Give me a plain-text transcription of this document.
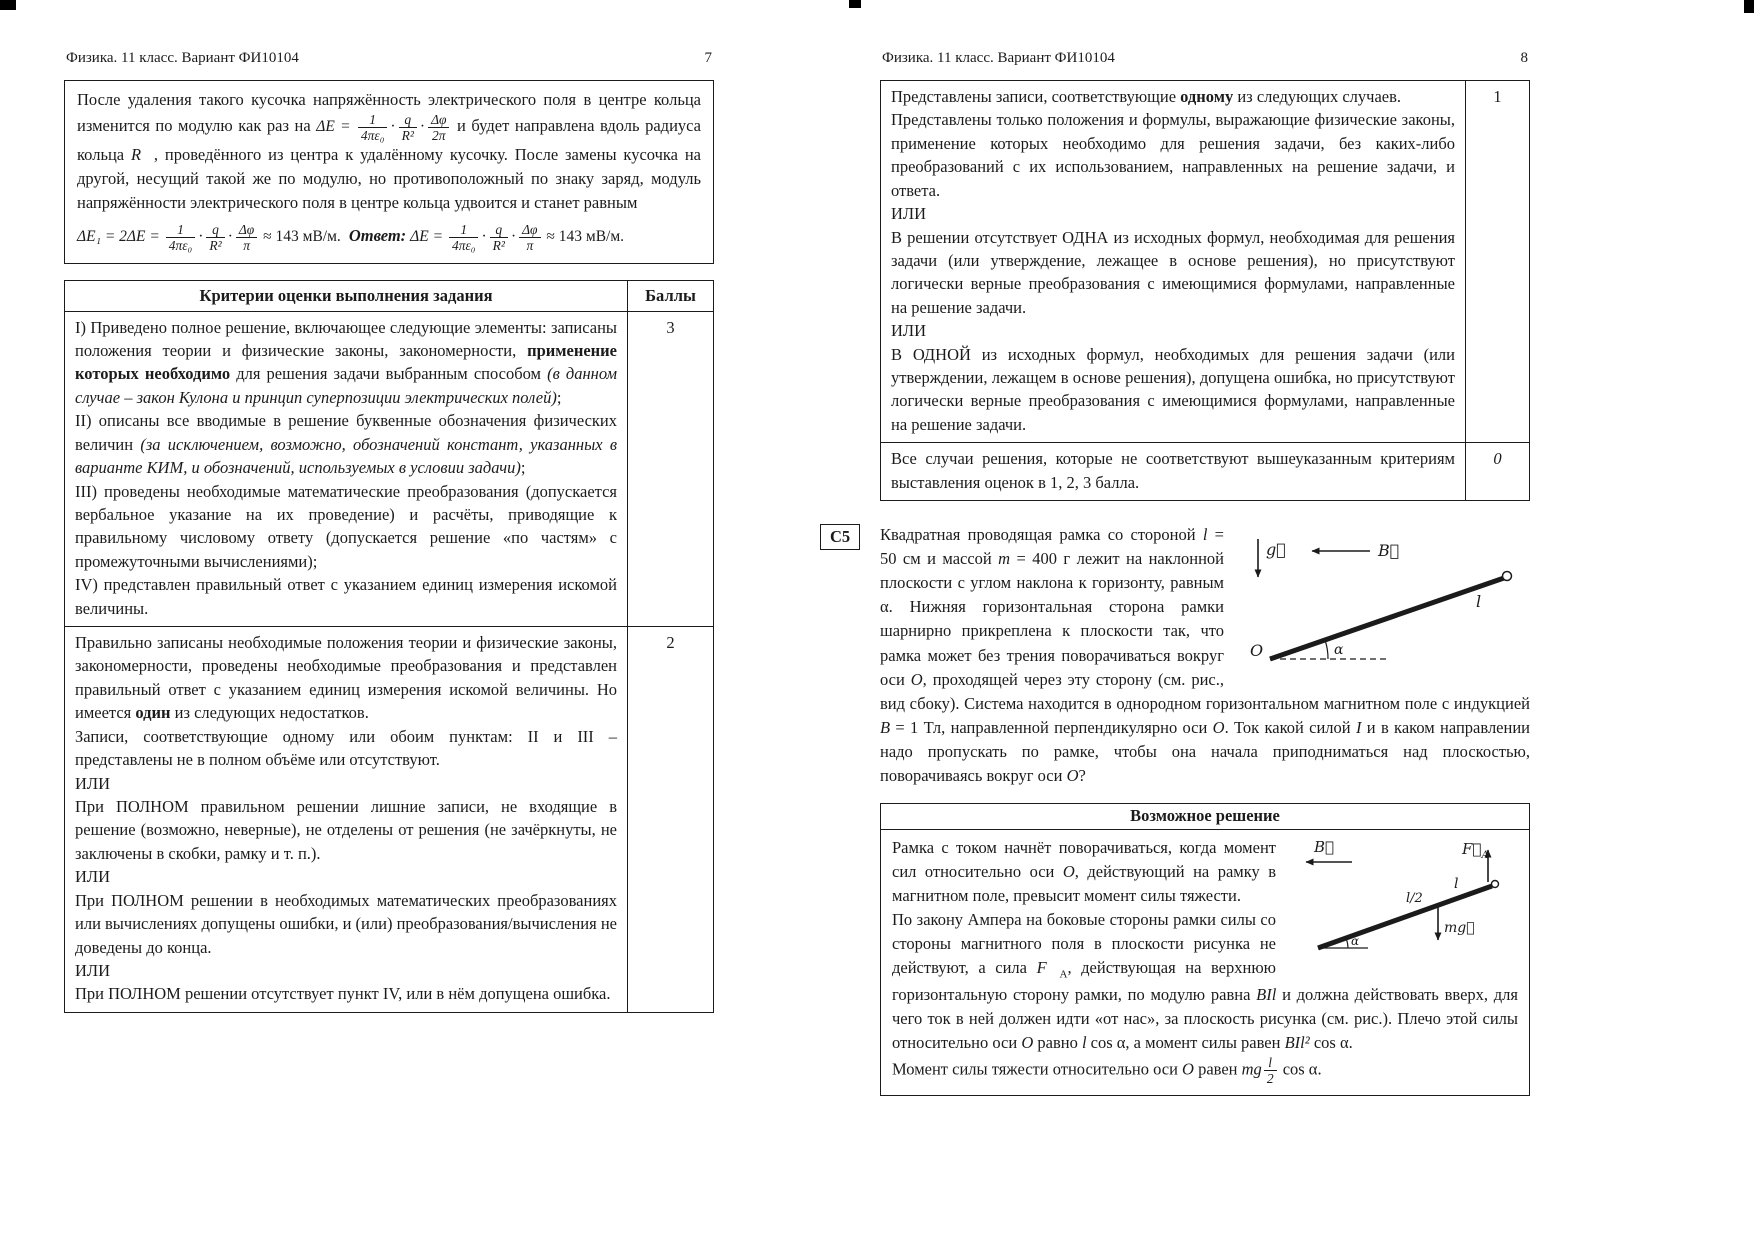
Физика. 11 класс. Вариант ФИ10104	7
После удаления такого кусочка напряжённость электрического поля в центре кольца изменится по модулю как раз на $\Delta E = \frac{1}{\text{4πε₀}} \cdot \frac{q}{\text{R²}} \cdot \frac{\Delta\varphi}{2\pi}$ и будет направлена вдоль радиуса кольца R⃗, проведённого из центра к удалённому кусочку. После замены кусочка на другой, несущий такой же по модулю, но противоположный по знаку заряд, модуль напряжённости электрического поля в центре кольца удвоится и станет равным
$\Delta E_1 = 2\Delta E = \frac{1}{\text{4πε₀}} \cdot \frac{q}{\text{R²}} \cdot \frac{\Delta\varphi}{\pi} \approx 143$ мВ/м. Ответ: $\Delta E = \frac{1}{\text{4πε₀}} \cdot \frac{q}{\text{R²}} \cdot \frac{\Delta\varphi}{\pi} \approx 143$ мВ/м.
Критерии оценки выполнения задания	Баллы

I) Приведено полное решение, включающее следующие элементы: записаны положения теории и физические законы, закономерности, применение которых необходимо для решения задачи выбранным способом (в данном случае – закон Кулона и принцип суперпозиции электрических полей);

II) описаны все вводимые в решение буквенные обозначения физических величин (за исключением, возможно, обозначений констант, указанных в варианте КИМ, и обозначений, используемых в условии задачи);

III) проведены необходимые математические преобразования (допускается вербальное указание на их проведение) и расчёты, приводящие к правильному числовому ответу (допускается решение «по частям» с промежуточными вычислениями);

IV) представлен правильный ответ с указанием единиц измерения искомой величины.	3

Правильно записаны необходимые положения теории и физические законы, закономерности, проведены необходимые преобразования и представлен правильный ответ с указанием единиц измерения искомой величины. Но имеется один из следующих недостатков.

Записи, соответствующие одному или обоим пунктам: II и III – представлены не в полном объёме или отсутствуют.

ИЛИ

При ПОЛНОМ правильном решении лишние записи, не входящие в решение (возможно, неверные), не отделены от решения (не зачёркнуты, не заключены в скобки, рамку и т. п.).

ИЛИ

При ПОЛНОМ решении в необходимых математических преобразованиях или вычислениях допущены ошибки, и (или) преобразования/вычисления не доведены до конца.

ИЛИ

При ПОЛНОМ решении отсутствует пункт IV, или в нём допущена ошибка.

	2
Физика. 11 класс. Вариант ФИ10104	8

Представлены записи, соответствующие одному из следующих случаев.

Представлены только положения и формулы, выражающие физические законы, применение которых необходимо для решения задачи, без каких-либо преобразований с их использованием, направленных на решение задачи, и ответа.

ИЛИ

В решении отсутствует ОДНА из исходных формул, необходимая для решения задачи (или утверждение, лежащее в основе решения), но присутствуют логически верные преобразования с имеющимися формулами, направленные на решение задачи.

ИЛИ

В ОДНОЙ из исходных формул, необходимых для решения задачи (или утверждении, лежащем в основе решения), допущена ошибка, но присутствуют логически верные преобразования с имеющимися формулами, направленные на решение задачи.

	1

Все случаи решения, которые не соответствуют вышеуказанным критериям выставления оценок в 1, 2, 3 балла.	0
С5
g⃗	B⃗
l
α
O
Квадратная проводящая рамка со стороной l = 50 см и массой m = 400 г лежит на наклонной плоскости с углом наклона к горизонту, равным α. Нижняя горизонтальная сторона рамки шарнирно прикреплена к плоскости так, что рамка может без трения поворачиваться вокруг оси O, проходящей через эту сторону (см. рис., вид сбоку). Система находится в однородном горизонтальном магнитном поле с индукцией B = 1 Тл, направленной перпендикулярно оси O. Ток какой силой I и в каком направлении надо пропускать по рамке, чтобы она начала приподниматься над плоскостью, поворачиваясь вокруг оси O?
Возможное решение
B⃗	$F⃗_А$
l
l/2
mg⃗
α

Рамка с током начнёт поворачиваться, когда момент сил относительно оси O, действующий на рамку в магнитном поле, превысит момент силы тяжести.

По закону Ампера на боковые стороны рамки силы со стороны магнитного поля в плоскости рисунка не действуют, а сила $F⃗_А$, действующая на верхнюю горизонтальную сторону рамки, по модулю равна BIl и должна действовать вверх, для чего ток в ней должен идти «от нас», за плоскость рисунка (см. рис.). Плечо этой силы относительно оси O равно l cos α, а момент силы равен BIl² cos α.

Момент силы тяжести относительно оси O равен mg $\frac{l}{2}$ cos α.
